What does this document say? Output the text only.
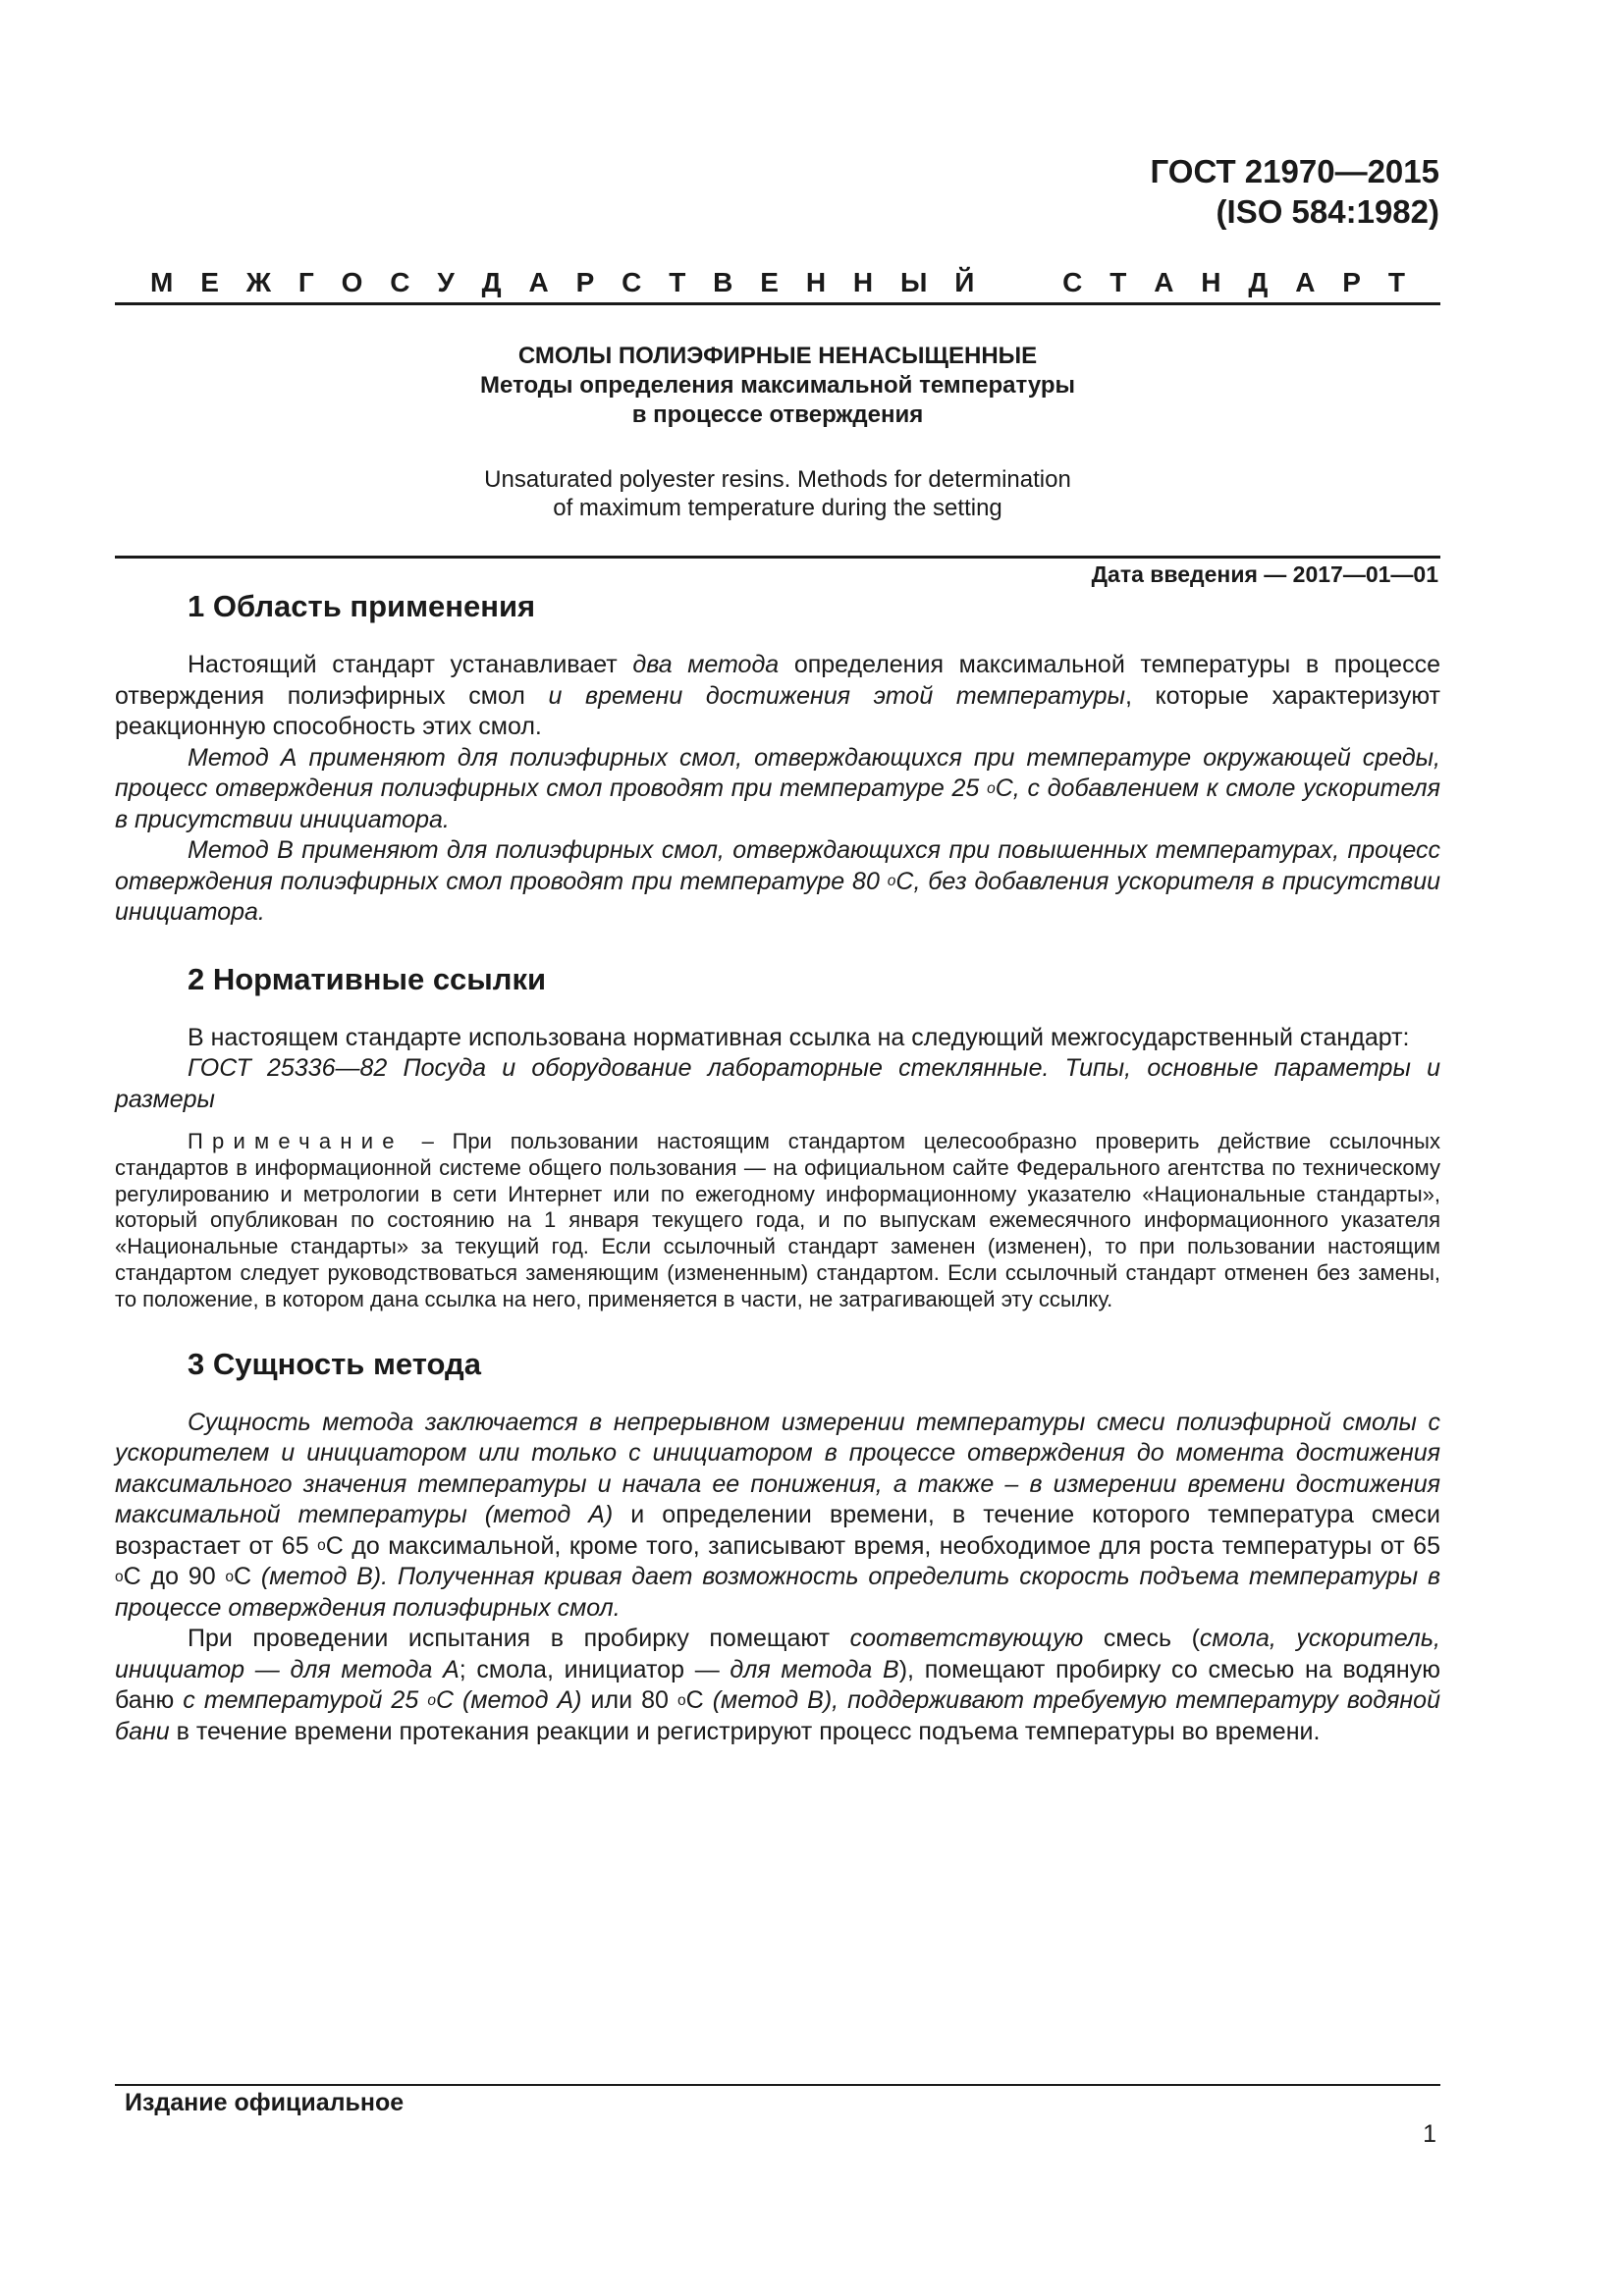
ГОСТ 21970—2015
(ISO 584:1982)
М Е Ж Г О С У Д А Р С Т В Е Н Н Ы Й	С Т А Н Д А Р Т
СМОЛЫ ПОЛИЭФИРНЫЕ НЕНАСЫЩЕННЫЕ
Методы определения максимальной температуры
в процессе отверждения
Unsaturated polyester resins. Methods for determination
of maximum temperature during the setting
Дата введения — 2017—01—01
1 Область применения

Настоящий стандарт устанавливает два метода определения максимальной температуры в процессе отверждения полиэфирных смол и времени достижения этой температуры, которые характеризуют реакционную способность этих смол.

Метод А применяют для полиэфирных смол, отверждающихся при температуре окружающей среды, процесс отверждения полиэфирных смол проводят при температуре 25 $^о$С, с добавлением к смоле ускорителя в присутствии инициатора.

Метод В применяют для полиэфирных смол, отверждающихся при повышенных температурах, процесс отверждения полиэфирных смол проводят при температуре 80 $^о$С, без добавления ускорителя в присутствии инициатора.

2 Нормативные ссылки

В настоящем стандарте использована нормативная ссылка на следующий межгосударственный стандарт:

ГОСТ 25336—82 Посуда и оборудование лабораторные стеклянные. Типы, основные параметры и размеры

Примечание – При пользовании настоящим стандартом целесообразно проверить действие ссылочных стандартов в информационной системе общего пользования — на официальном сайте Федерального агентства по техническому регулированию и метрологии в сети Интернет или по ежегодному информационному указателю «Национальные стандарты», который опубликован по состоянию на 1 января текущего года, и по выпускам ежемесячного информационного указателя «Национальные стандарты» за текущий год. Если ссылочный стандарт заменен (изменен), то при пользовании настоящим стандартом следует руководствоваться заменяющим (измененным) стандартом. Если ссылочный стандарт отменен без замены, то положение, в котором дана ссылка на него, применяется в части, не затрагивающей эту ссылку.
3 Сущность метода

Сущность метода заключается в непрерывном измерении температуры смеси полиэфирной смолы с ускорителем и инициатором или только с инициатором в процессе отверждения до момента достижения максимального значения температуры и начала ее понижения, а также – в измерении времени достижения максимальной температуры (метод А) и определении времени, в течение которого температура смеси возрастает от 65 $^о$С до максимальной, кроме того, записывают время, необходимое для роста температуры от 65 $^о$С до 90 $^о$С (метод В). Полученная кривая дает возможность определить скорость подъема температуры в процессе отверждения полиэфирных смол.

При проведении испытания в пробирку помещают соответствующую смесь (смола, ускоритель, инициатор — для метода А; смола, инициатор — для метода В), помещают пробирку со смесью на водяную баню с температурой 25 $^о$С (метод А) или 80 $^о$С (метод В), поддерживают требуемую температуру водяной бани в течение времени протекания реакции и регистрируют процесс подъема температуры во времени.

Издание официальное
1
